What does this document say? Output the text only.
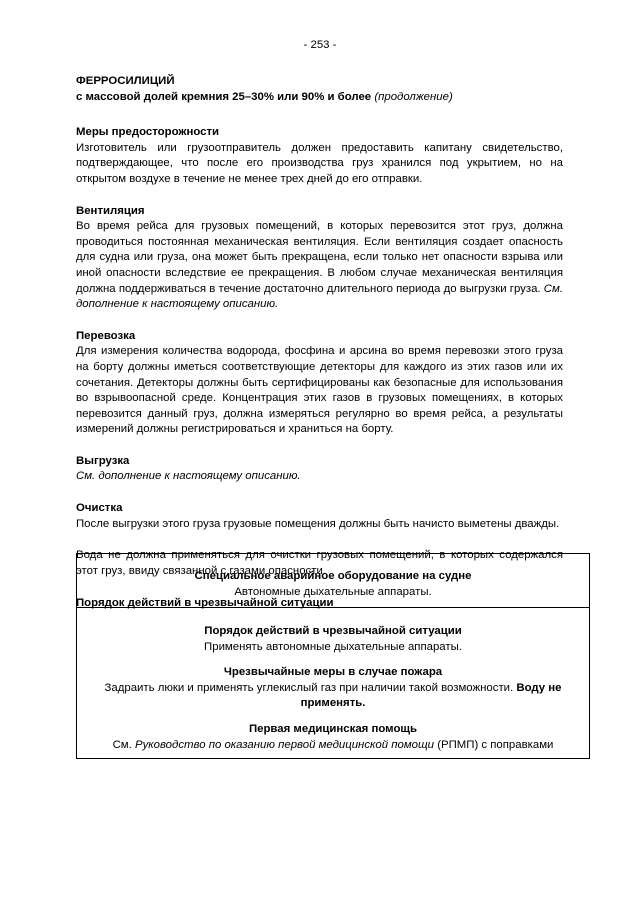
- 253 -
ФЕРРОСИЛИЦИЙ
с массовой долей кремния 25–30% или 90% и более (продолжение)
Меры предосторожности
Изготовитель или грузоотправитель должен предоставить капитану свидетельство, подтверждающее, что после его производства груз хранился под укрытием, но на открытом воздухе в течение не менее трех дней до его отправки.
Вентиляция
Во время рейса для грузовых помещений, в которых перевозится этот груз, должна проводиться постоянная механическая вентиляция. Если вентиляция создает опасность для судна или груза, она может быть прекращена, если только нет опасности взрыва или иной опасности вследствие ее прекращения. В любом случае механическая вентиляция должна поддерживаться в течение достаточно длительного периода до выгрузки груза. См. дополнение к настоящему описанию.
Перевозка
Для измерения количества водорода, фосфина и арсина во время перевозки этого груза на борту должны иметься соответствующие детекторы для каждого из этих газов или их сочетания. Детекторы должны быть сертифицированы как безопасные для использования во взрывоопасной среде. Концентрация этих газов в грузовых помещениях, в которых перевозится данный груз, должна измеряться регулярно во время рейса, а результаты измерений должны регистрироваться и храниться на борту.
Выгрузка
См. дополнение к настоящему описанию.
Очистка
После выгрузки этого груза грузовые помещения должны быть начисто выметены дважды.
Вода не должна применяться для очистки грузовых помещений, в которых содержался этот груз, ввиду связанной с газами опасности.
Порядок действий в чрезвычайной ситуации
Специальное аварийное оборудование на судне
Автономные дыхательные аппараты.
Порядок действий в чрезвычайной ситуации
Применять автономные дыхательные аппараты.
Чрезвычайные меры в случае пожара
Задраить люки и применять углекислый газ при наличии такой возможности. Воду не применять.
Первая медицинская помощь
См. Руководство по оказанию первой медицинской помощи (РПМП) с поправками
